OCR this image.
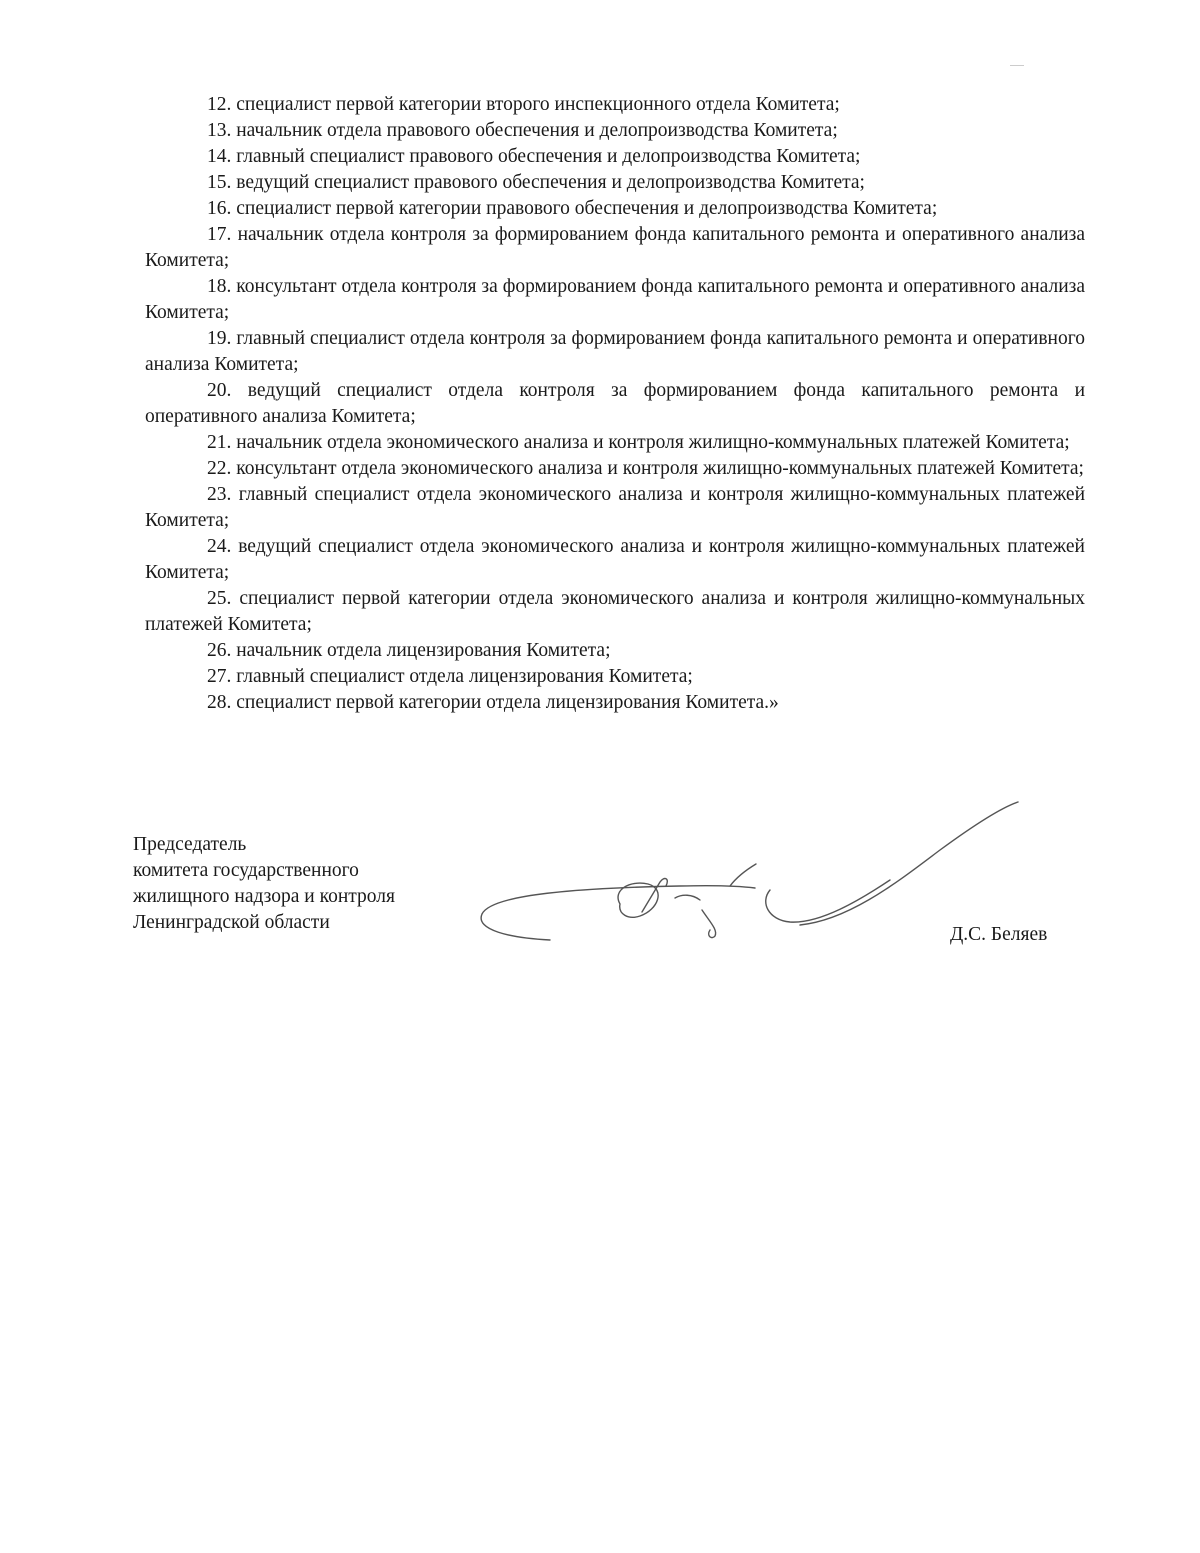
12. специалист первой категории второго инспекционного отдела Комитета;
13. начальник отдела правового обеспечения и делопроизводства Комитета;
14. главный специалист правового обеспечения и делопроизводства Комитета;
15. ведущий специалист правового обеспечения и делопроизводства Комитета;
16. специалист первой категории правового обеспечения и делопроизводства Комитета;
17. начальник отдела контроля за формированием фонда капитального ремонта и оперативного анализа Комитета;
18. консультант отдела контроля за формированием фонда капитального ремонта и оперативного анализа Комитета;
19. главный специалист отдела контроля за формированием фонда капитального ремонта и оперативного анализа Комитета;
20. ведущий специалист отдела контроля за формированием фонда капитального ремонта и оперативного анализа Комитета;
21. начальник отдела экономического анализа и контроля жилищно-коммунальных платежей Комитета;
22. консультант отдела экономического анализа и контроля жилищно-коммунальных платежей Комитета;
23. главный специалист отдела экономического анализа и контроля жилищно-коммунальных платежей Комитета;
24. ведущий специалист отдела экономического анализа и контроля жилищно-коммунальных платежей Комитета;
25. специалист первой категории отдела экономического анализа и контроля жилищно-коммунальных платежей Комитета;
26. начальник отдела лицензирования Комитета;
27. главный специалист отдела лицензирования Комитета;
28. специалист первой категории отдела лицензирования Комитета.»
Председатель
комитета государственного
жилищного надзора и контроля
Ленинградской области
Д.С. Беляев
